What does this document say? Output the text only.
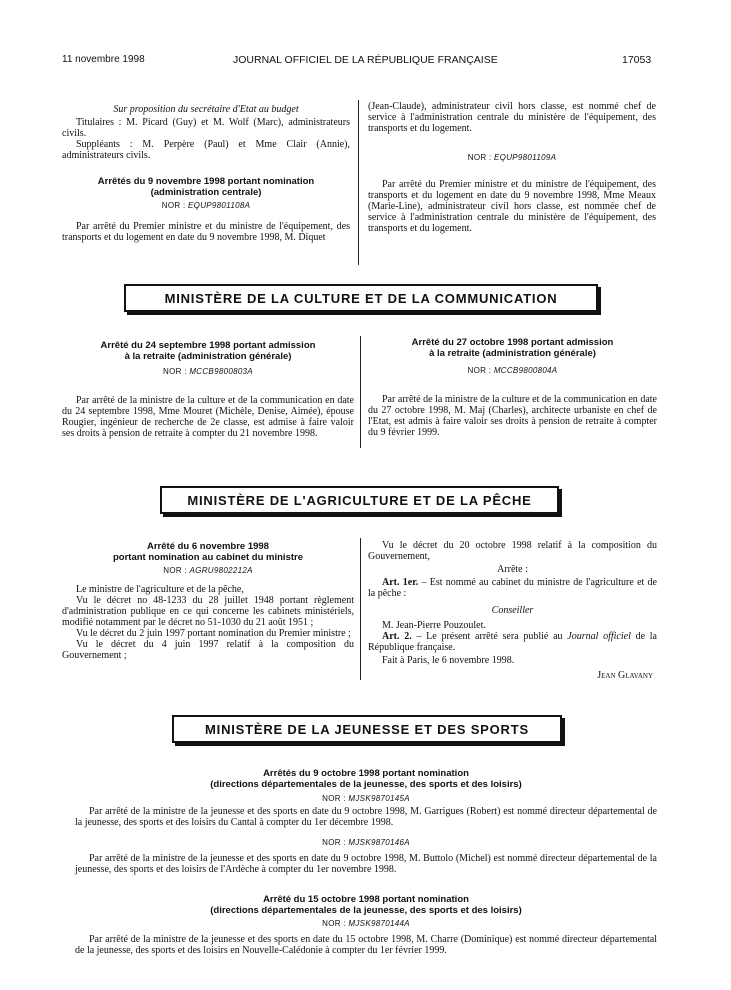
11 novembre 1998	JOURNAL OFFICIEL DE LA RÉPUBLIQUE FRANÇAISE	17053

Sur proposition du secrétaire d'Etat au budget

Titulaires : M. Picard (Guy) et M. Wolf (Marc), administrateurs civils.

Suppléants : M. Perpère (Paul) et Mme Clair (Annie), administrateurs civils.

Arrêtés du 9 novembre 1998 portant nomination
(administration centrale)
NOR : EQUP9801108A

Par arrêté du Premier ministre et du ministre de l'équipement, des transports et du logement en date du 9 novembre 1998, M. Diquet

(Jean-Claude), administrateur civil hors classe, est nommé chef de service à l'administration centrale du ministère de l'équipement, des transports et du logement.

NOR : EQUP9801109A

Par arrêté du Premier ministre et du ministre de l'équipement, des transports et du logement en date du 9 novembre 1998, Mme Meaux (Marie-Line), administrateur civil hors classe, est nommée chef de service à l'administration centrale du ministère de l'équipement, des transports et du logement.

MINISTÈRE DE LA CULTURE ET DE LA COMMUNICATION
Arrêté du 24 septembre 1998 portant admission
à la retraite (administration générale)
NOR : MCCB9800803A

Par arrêté de la ministre de la culture et de la communication en date du 24 septembre 1998, Mme Mouret (Michèle, Denise, Aimée), épouse Rougier, ingénieur de recherche de 2e classe, est admise à faire valoir ses droits à pension de retraite à compter du 21 novembre 1998.

Arrêté du 27 octobre 1998 portant admission
à la retraite (administration générale)
NOR : MCCB9800804A

Par arrêté de la ministre de la culture et de la communication en date du 27 octobre 1998, M. Maj (Charles), architecte urbaniste en chef de l'Etat, est admis à faire valoir ses droits à pension de retraite à compter du 9 février 1999.

MINISTÈRE DE L'AGRICULTURE ET DE LA PÊCHE
Arrêté du 6 novembre 1998
portant nomination au cabinet du ministre
NOR : AGRU9802212A

Le ministre de l'agriculture et de la pêche,

Vu le décret no 48-1233 du 28 juillet 1948 portant règlement d'administration publique en ce qui concerne les cabinets ministériels, modifié notamment par le décret no 51-1030 du 21 août 1951 ;

Vu le décret du 2 juin 1997 portant nomination du Premier ministre ;

Vu le décret du 4 juin 1997 relatif à la composition du Gouvernement ;

Vu le décret du 20 octobre 1998 relatif à la composition du Gouvernement,

Arrête :

Art. 1er. – Est nommé au cabinet du ministre de l'agriculture et de la pêche :

Conseiller

M. Jean-Pierre Pouzoulet.

Art. 2. – Le présent arrêté sera publié au Journal officiel de la République française.

Fait à Paris, le 6 novembre 1998.

Jean Glavany

MINISTÈRE DE LA JEUNESSE ET DES SPORTS
Arrêtés du 9 octobre 1998 portant nomination
(directions départementales de la jeunesse, des sports et des loisirs)
NOR : MJSK9870145A

Par arrêté de la ministre de la jeunesse et des sports en date du 9 octobre 1998, M. Garrigues (Robert) est nommé directeur départemental de la jeunesse, des sports et des loisirs du Cantal à compter du 1er décembre 1998.

NOR : MJSK9870146A

Par arrêté de la ministre de la jeunesse et des sports en date du 9 octobre 1998, M. Buttolo (Michel) est nommé directeur départemental de la jeunesse, des sports et des loisirs de l'Ardèche à compter du 1er novembre 1998.

Arrêté du 15 octobre 1998 portant nomination
(directions départementales de la jeunesse, des sports et des loisirs)
NOR : MJSK9870144A

Par arrêté de la ministre de la jeunesse et des sports en date du 15 octobre 1998, M. Charre (Dominique) est nommé directeur départemental de la jeunesse, des sports et des loisirs en Nouvelle-Calédonie à compter du 1er février 1999.
